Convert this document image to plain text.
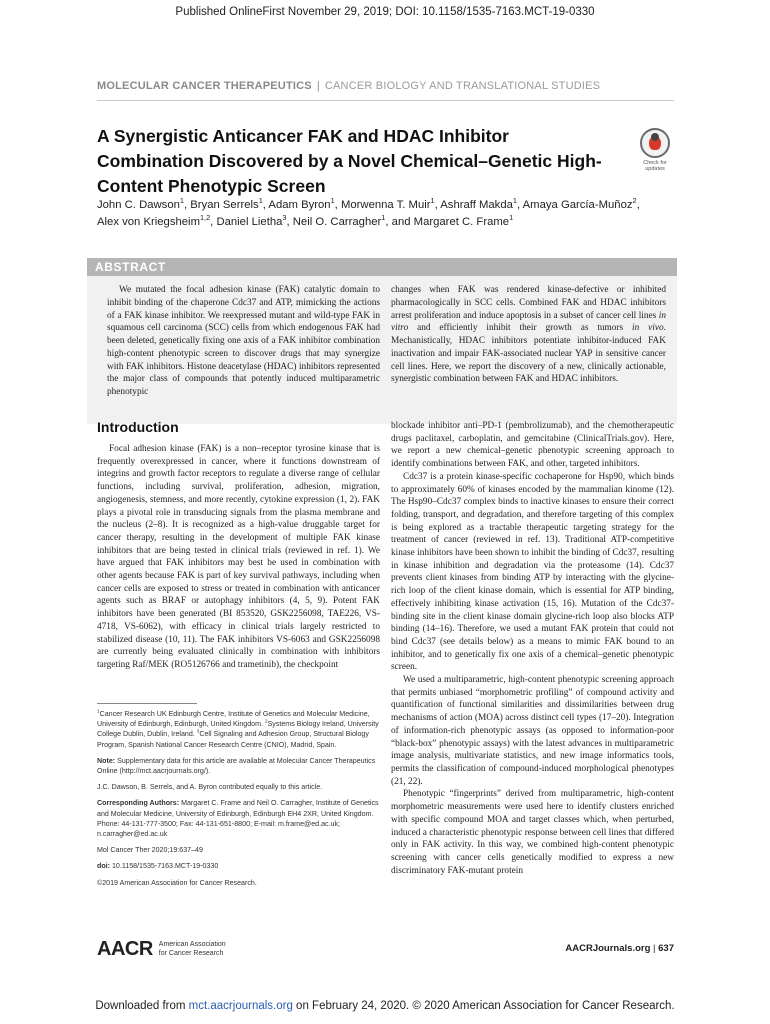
Published OnlineFirst November 29, 2019; DOI: 10.1158/1535-7163.MCT-19-0330
MOLECULAR CANCER THERAPEUTICS | CANCER BIOLOGY AND TRANSLATIONAL STUDIES
A Synergistic Anticancer FAK and HDAC Inhibitor Combination Discovered by a Novel Chemical–Genetic High-Content Phenotypic Screen
Check for
updates
John C. Dawson$^1$, Bryan Serrels$^1$, Adam Byron$^1$, Morwenna T. Muir$^1$, Ashraff Makda$^1$, Amaya García-Muñoz$^2$,
Alex von Kriegsheim$^{1,2}$, Daniel Lietha$^3$, Neil O. Carragher$^1$, and Margaret C. Frame$^1$
ABSTRACT
We mutated the focal adhesion kinase (FAK) catalytic domain to inhibit binding of the chaperone Cdc37 and ATP, mimicking the actions of a FAK kinase inhibitor. We reexpressed mutant and wild-type FAK in squamous cell carcinoma (SCC) cells from which endogenous FAK had been deleted, genetically fixing one axis of a FAK inhibitor combination high-content phenotypic screen to discover drugs that may synergize with FAK inhibitors. Histone deacetylase (HDAC) inhibitors represented the major class of compounds that potently induced multiparametric phenotypic
changes when FAK was rendered kinase-defective or inhibited pharmacologically in SCC cells. Combined FAK and HDAC inhibitors arrest proliferation and induce apoptosis in a subset of cancer cell lines in vitro and efficiently inhibit their growth as tumors in vivo. Mechanistically, HDAC inhibitors potentiate inhibitor-induced FAK inactivation and impair FAK-associated nuclear YAP in sensitive cancer cell lines. Here, we report the discovery of a new, clinically actionable, synergistic combination between FAK and HDAC inhibitors.
Introduction

Focal adhesion kinase (FAK) is a non–receptor tyrosine kinase that is frequently overexpressed in cancer, where it functions downstream of integrins and growth factor receptors to regulate a diverse range of cellular functions, including survival, proliferation, adhesion, migration, angiogenesis, stemness, and more recently, cytokine expression (1, 2). FAK plays a pivotal role in transducing signals from the plasma membrane and the nucleus (2–8). It is recognized as a high-value druggable target for cancer therapy, resulting in the development of multiple FAK kinase inhibitors that are being tested in clinical trials (reviewed in ref. 1). We have argued that FAK inhibitors may best be used in combination with other agents because FAK is part of key survival pathways, including when cancer cells are exposed to stress or treated in combination with anticancer agents such as BRAF or autophagy inhibitors (4, 5, 9). Potent FAK inhibitors have been generated (BI 853520, GSK2256098, TAE226, VS-4718, VS-6062), with efficacy in clinical trials largely restricted to stabilized disease (10, 11). The FAK inhibitors VS-6063 and GSK2256098 are currently being evaluated clinically in combination with inhibitors targeting Raf/MEK (RO5126766 and trametinib), the checkpoint

blockade inhibitor anti–PD-1 (pembrolizumab), and the chemotherapeutic drugs paclitaxel, carboplatin, and gemcitabine (ClinicalTrials.gov). Here, we report a new chemical–genetic phenotypic screening approach to identify combinations between FAK, and other, targeted inhibitors.

Cdc37 is a protein kinase-specific cochaperone for Hsp90, which binds to approximately 60% of kinases encoded by the mammalian kinome (12). The Hsp90–Cdc37 complex binds to inactive kinases to ensure their correct folding, transport, and degradation, and therefore targeting of this complex is being explored as a tractable therapeutic targeting strategy for the treatment of cancer (reviewed in ref. 13). Traditional ATP-competitive kinase inhibitors have been shown to inhibit the binding of Cdc37, resulting in kinase inhibition and degradation via the proteasome (14). Cdc37 prevents client kinases from binding ATP by interacting with the glycine-rich loop of the client kinase domain, which is essential for ATP binding, effectively inhibiting kinase activation (15, 16). Mutation of the Cdc37-binding site in the client kinase domain glycine-rich loop also blocks ATP binding (14–16). Therefore, we used a mutant FAK protein that could not bind Cdc37 (see details below) as a means to mimic FAK bound to an inhibitor, and to genetically fix one axis of a chemical–genetic phenotypic screen.

We used a multiparametric, high-content phenotypic screening approach that permits unbiased “morphometric profiling” of compound activity and quantification of functional similarities and dissimilarities between drug mechanisms of action (MOA) across distinct cell types (17–20). Integration of information-rich phenotypic assays (as opposed to information-poor “black-box” phenotypic assays) with the latest advances in multiparametric image analysis, multivariate statistics, and new image informatics tools, permits the classification of compound-induced morphological phenotypes (21, 22).

Phenotypic “fingerprints” derived from multiparametric, high-content morphometric measurements were used here to identify clusters enriched with specific compound MOA and target classes which, when perturbed, induced a characteristic phenotypic response between cell lines that differed only in FAK activity. In this way, we combined high-content phenotypic screening with cancer cells genetically modified to express a new discriminatory FAK-mutant protein

$^1$Cancer Research UK Edinburgh Centre, Institute of Genetics and Molecular Medicine, University of Edinburgh, Edinburgh, United Kingdom. $^2$Systems Biology Ireland, University College Dublin, Dublin, Ireland. $^3$Cell Signaling and Adhesion Group, Structural Biology Program, Spanish National Cancer Research Centre (CNIO), Madrid, Spain.

Note: Supplementary data for this article are available at Molecular Cancer Therapeutics Online (http://mct.aacrjournals.org/).

J.C. Dawson, B. Serrels, and A. Byron contributed equally to this article.

Corresponding Authors: Margaret C. Frame and Neil O. Carragher, Institute of Genetics and Molecular Medicine, University of Edinburgh, Edinburgh EH4 2XR, United Kingdom. Phone: 44-131-777-3500; Fax: 44-131-651-8800; E-mail: m.frame@ed.ac.uk; n.carragher@ed.ac.uk

Mol Cancer Ther 2020;19:637–49

doi: 10.1158/1535-7163.MCT-19-0330

©2019 American Association for Cancer Research.

AACR American Association
for Cancer Research	AACRJournals.org | 637
Downloaded from mct.aacrjournals.org on February 24, 2020. © 2020 American Association for Cancer Research.
